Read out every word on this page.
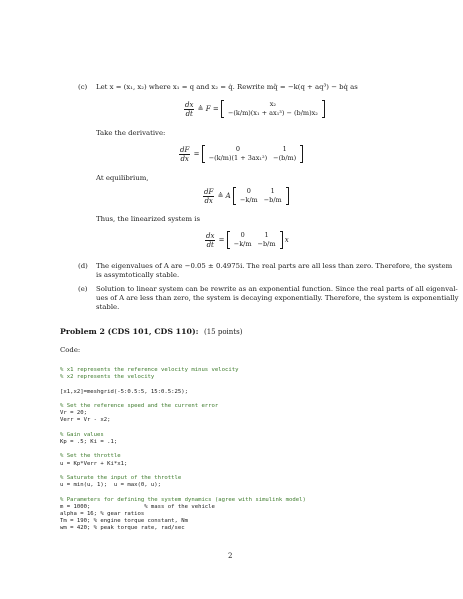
(c) Let x = (x₁, x₂) where x₁ = q and x₂ = q̇. Rewrite mq̈ = −k(q + aq³) − bq̇ as
$\frac{dx}{dt}$ ≜ F =
x₂
−(k/m)(x₁ + ax₁³) − (b/m)x₂
Take the derivative:
$\frac{dF}{dx}$ =
0	1
−(k/m)(1 + 3ax₁²)	−(b/m)
At equilibrium,
$\frac{dF}{dx}$ ≜ A
0	1
−k/m	−b/m
Thus, the linearized system is
$\frac{dx}{dt}$ =
0	1
−k/m	−b/m x
(d) The eigenvalues of A are −0.05 ± 0.4975i. The real parts are all less than zero. Therefore, the system
is assymtotically stable.
(e) Solution to linear system can be rewrite as an exponential function. Since the real parts of all eigenval-
ues of A are less than zero, the system is decaying exponentially. Therefore, the system is exponentially
stable.
Problem 2 (CDS 101, CDS 110): (15 points)
Code:
% x1 represents the reference velocity minus velocity
% x2 represents the velocity
[x1,x2]=meshgrid(-5:0.5:5, 15:0.5:25);
% Set the reference speed and the current error
Vr = 20;
Verr = Vr - x2;
% Gain values
Kp = .5; Ki = .1;
% Set the throttle
u = Kp*Verr + Ki*x1;
% Saturate the input of the throttle
u = min(u, 1);  u = max(0, u);
% Parameters for defining the system dynamics (agree with simulink model)
m = 1000;                % mass of the vehicle
alpha = 16; % gear ratios
Tm = 190; % engine torque constant, Nm
wm = 420; % peak torque rate, rad/sec
2
